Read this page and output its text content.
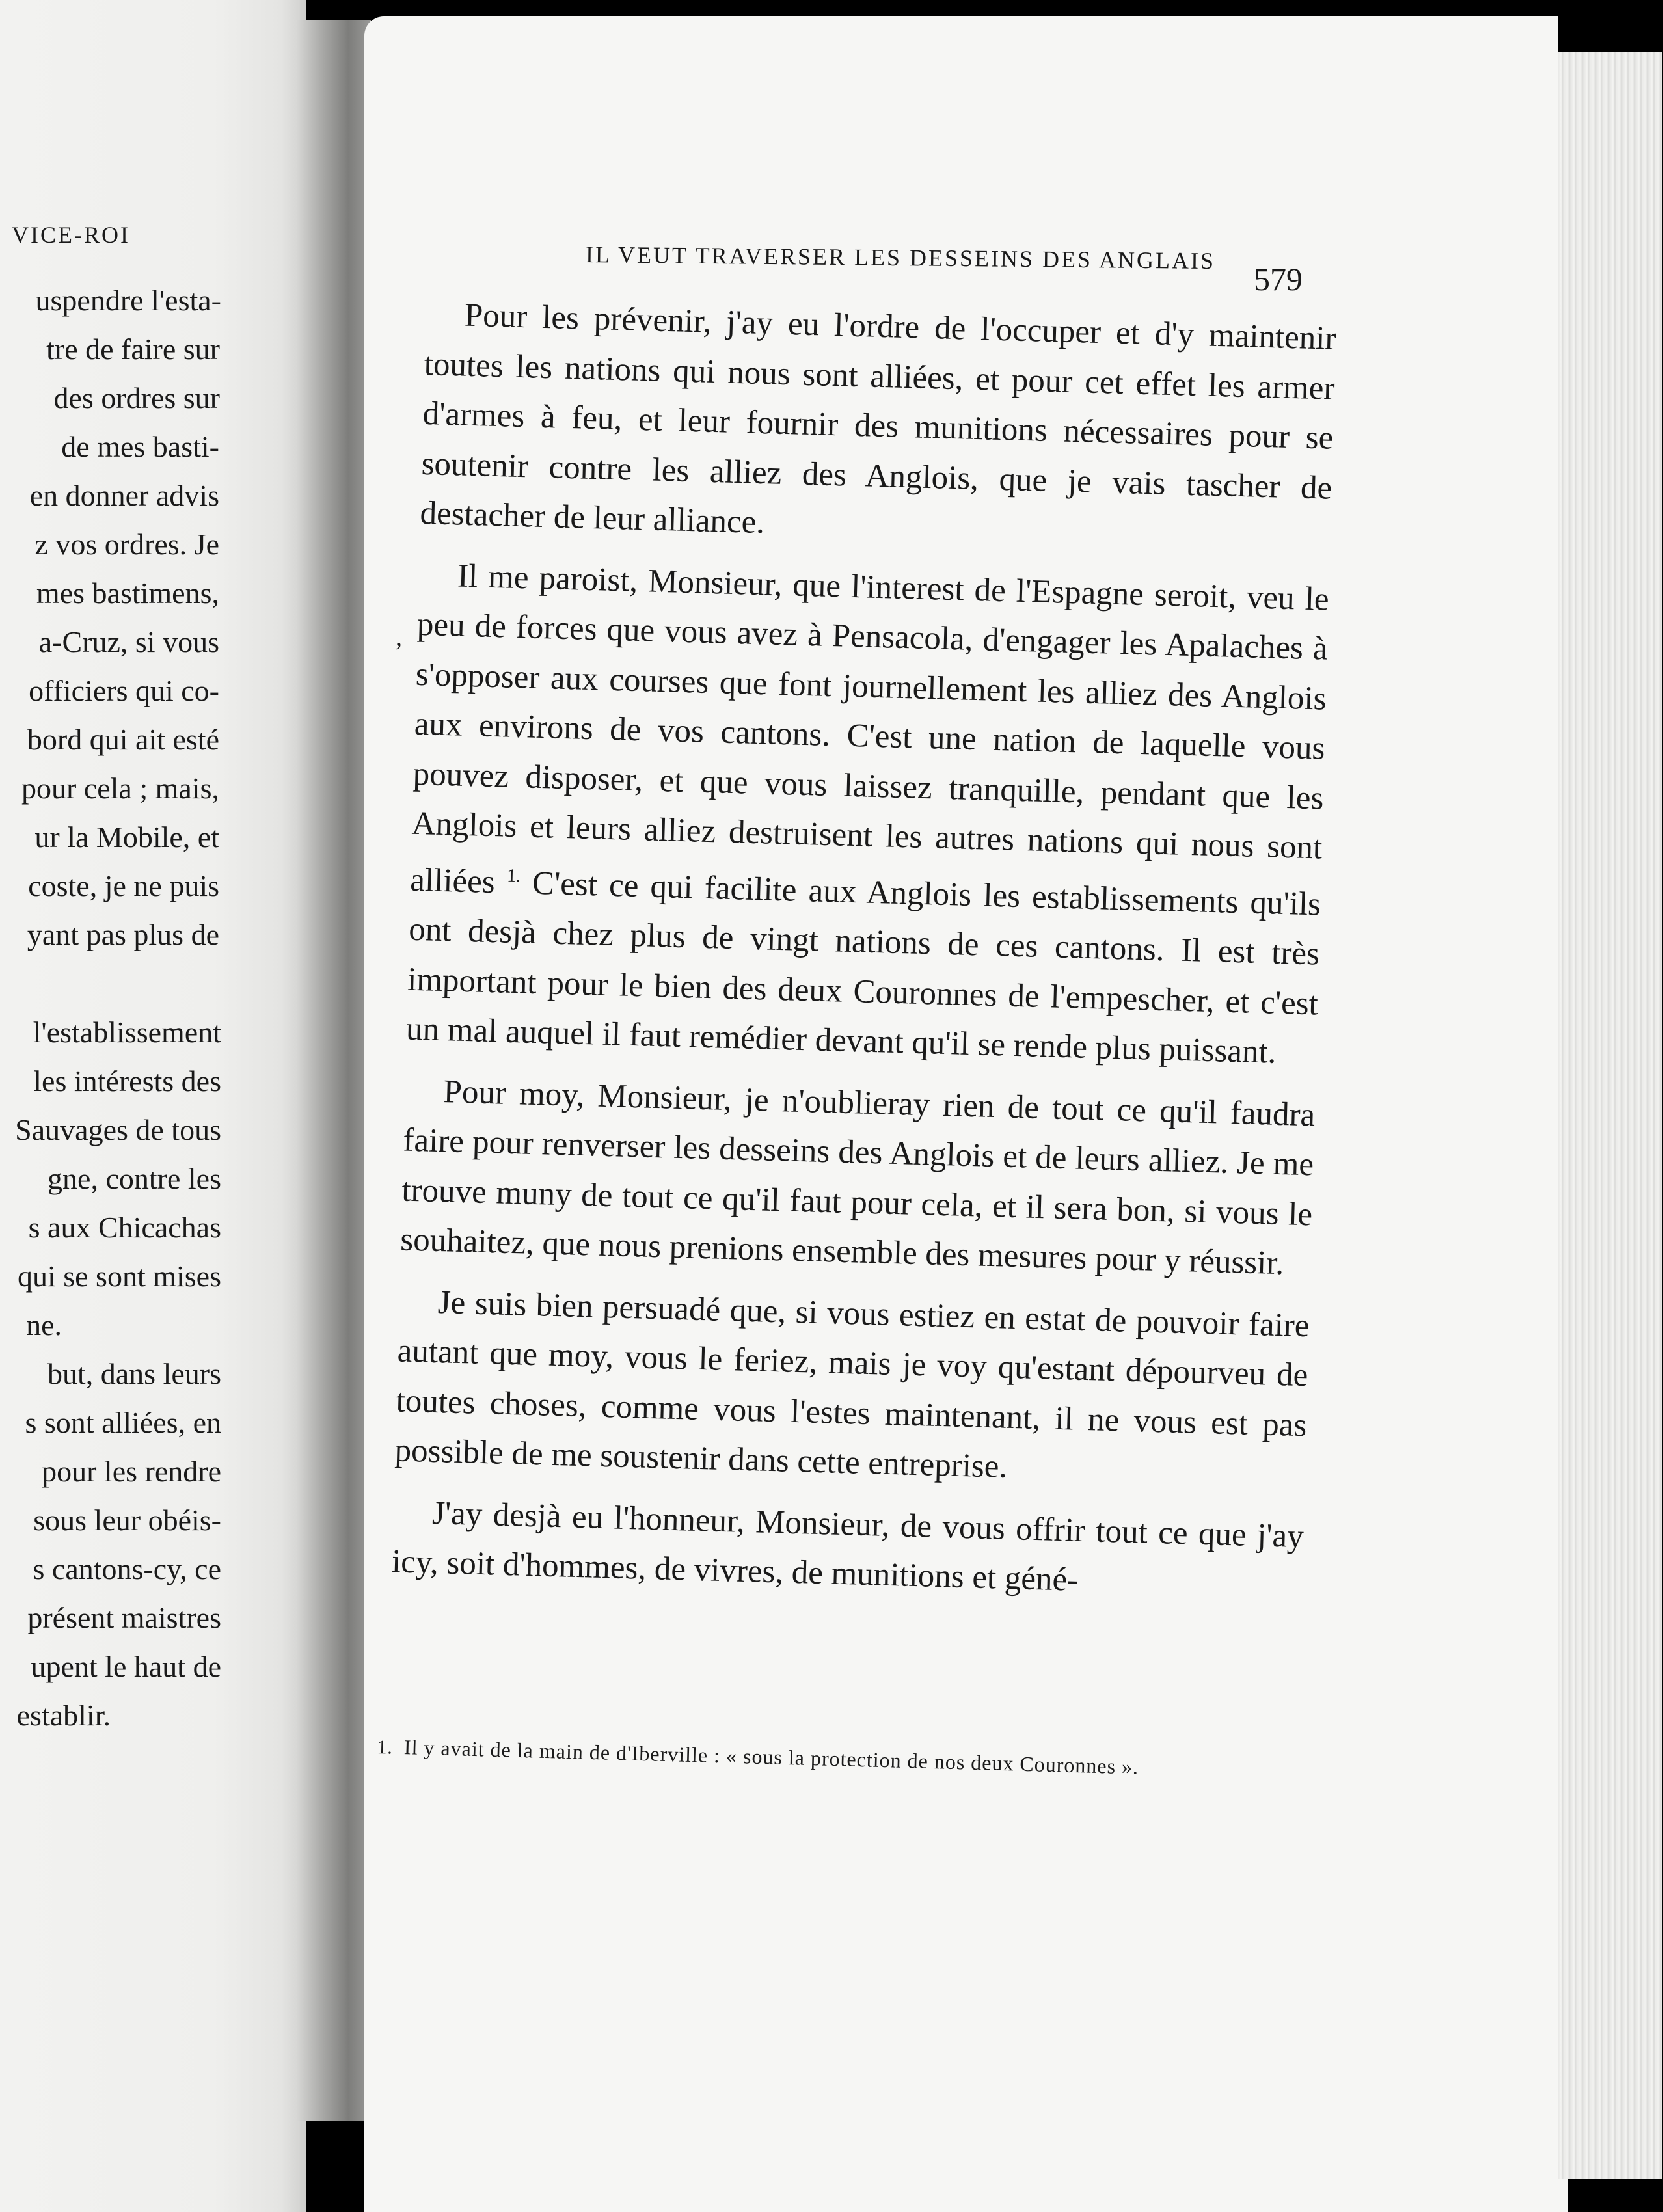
VICE-ROI
uspendre l'esta-
tre de faire sur
des ordres sur
de mes basti-
en donner advis
z vos ordres. Je
mes bastimens,
a-Cruz, si vous
officiers qui co-
bord qui ait esté
pour cela ; mais,
ur la Mobile, et
coste, je ne puis
yant pas plus de
l'establissement
les intérests des
Sauvages de tous
gne, contre les
s aux Chicachas
qui se sont mises
ne.
but, dans leurs
s sont alliées, en
pour les rendre
sous leur obéis-
s cantons-cy, ce
présent maistres
upent le haut de
establir.
IL VEUT TRAVERSER LES DESSEINS DES ANGLAIS
579
,

Pour les prévenir, j'ay eu l'ordre de l'occuper et d'y maintenir toutes les nations qui nous sont alliées, et pour cet effet les armer d'armes à feu, et leur fournir des munitions nécessaires pour se soutenir contre les alliez des Anglois, que je vais tascher de destacher de leur alliance.

Il me paroist, Monsieur, que l'interest de l'Espagne seroit, veu le peu de forces que vous avez à Pensacola, d'engager les Apalaches à s'opposer aux courses que font journellement les alliez des Anglois aux environs de vos cantons. C'est une nation de laquelle vous pouvez disposer, et que vous laissez tranquille, pendant que les Anglois et leurs alliez destruisent les autres nations qui nous sont alliées $^{1.}$ C'est ce qui facilite aux Anglois les establissements qu'ils ont desjà chez plus de vingt nations de ces cantons. Il est très important pour le bien des deux Couronnes de l'empescher, et c'est un mal auquel il faut remédier devant qu'il se rende plus puissant.

Pour moy, Monsieur, je n'oublieray rien de tout ce qu'il faudra faire pour renverser les desseins des Anglois et de leurs alliez. Je me trouve muny de tout ce qu'il faut pour cela, et il sera bon, si vous le souhaitez, que nous prenions ensemble des mesures pour y réussir.

Je suis bien persuadé que, si vous estiez en estat de pouvoir faire autant que moy, vous le feriez, mais je voy qu'estant dépourveu de toutes choses, comme vous l'estes maintenant, il ne vous est pas possible de me soustenir dans cette entreprise.

J'ay desjà eu l'honneur, Monsieur, de vous offrir tout ce que j'ay icy, soit d'hommes, de vivres, de munitions et géné-

1. Il y avait de la main de d'Iberville : « sous la protection de nos deux Couronnes ».
